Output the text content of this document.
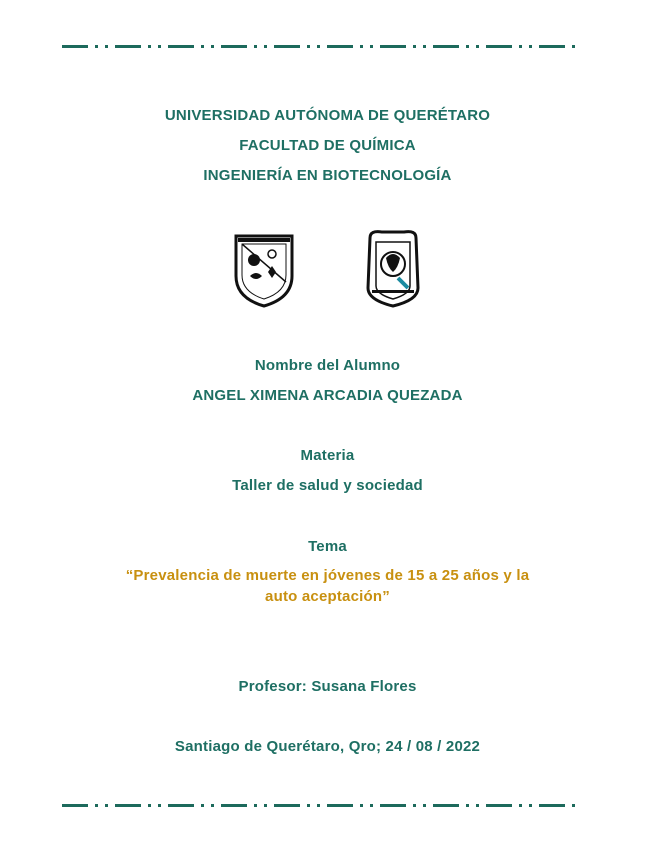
UNIVERSIDAD AUTÓNOMA DE QUERÉTARO
FACULTAD DE QUÍMICA
INGENIERÍA EN BIOTECNOLOGÍA
Nombre del Alumno
ANGEL XIMENA ARCADIA QUEZADA
Materia
Taller de salud y sociedad
Tema
“Prevalencia de muerte en jóvenes de 15 a 25 años y la
auto aceptación”
Profesor: Susana Flores
Santiago de Querétaro, Qro; 24 / 08 / 2022
